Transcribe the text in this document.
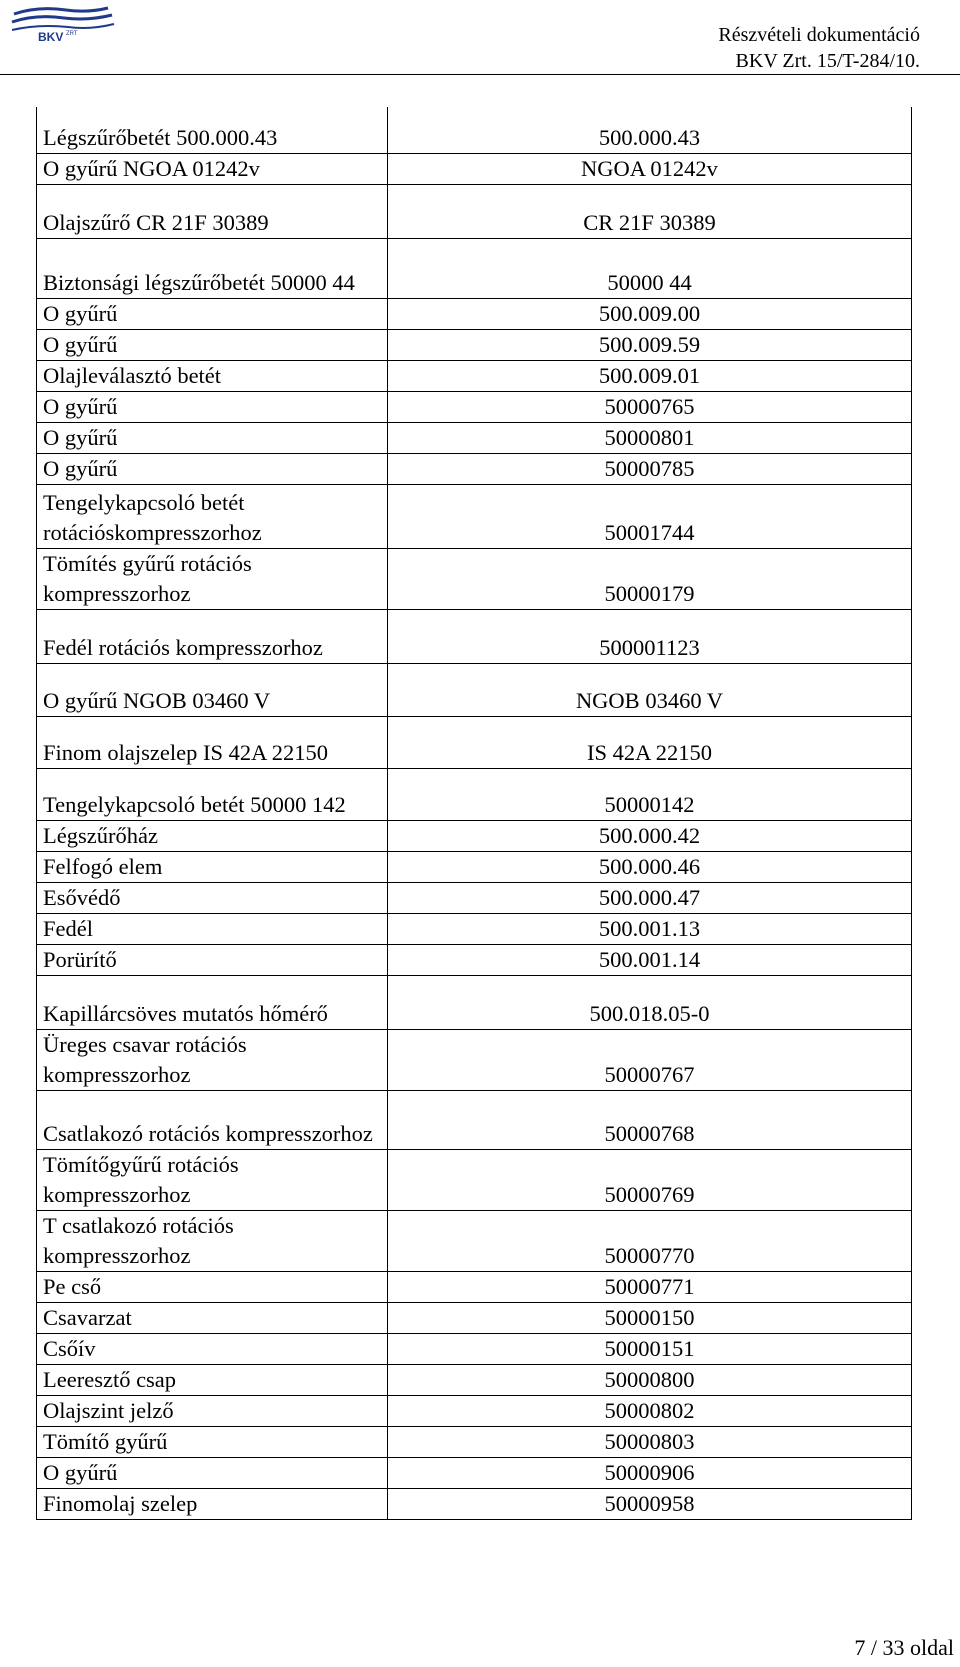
BKV ZRT	Részvételi dokumentáció
BKV Zrt. 15/T-284/10.
Légszűrőbetét 500.000.43	500.000.43
O gyűrű NGOA 01242v	NGOA 01242v
Olajszűrő CR 21F 30389	CR 21F 30389
Biztonsági légszűrőbetét 50000 44	50000 44
O gyűrű	500.009.00
O gyűrű	500.009.59
Olajleválasztó betét	500.009.01
O gyűrű	50000765
O gyűrű	50000801
O gyűrű	50000785
Tengelykapcsoló betét rotációskompresszorhoz	50001744
Tömítés gyűrű rotációs kompresszorhoz	50000179
Fedél rotációs kompresszorhoz	500001123
O gyűrű NGOB 03460 V	NGOB 03460 V
Finom olajszelep IS 42A 22150	IS 42A 22150
Tengelykapcsoló betét 50000 142	50000142
Légszűrőház	500.000.42
Felfogó elem	500.000.46
Esővédő	500.000.47
Fedél	500.001.13
Porürítő	500.001.14
Kapillárcsöves mutatós hőmérő	500.018.05-0
Üreges csavar rotációs kompresszorhoz	50000767
Csatlakozó rotációs kompresszorhoz	50000768
Tömítőgyűrű rotációs kompresszorhoz	50000769
T csatlakozó rotációs kompresszorhoz	50000770
Pe cső	50000771
Csavarzat	50000150
Csőív	50000151
Leeresztő csap	50000800
Olajszint jelző	50000802
Tömítő gyűrű	50000803
O gyűrű	50000906
Finomolaj szelep	50000958
7 / 33 oldal
